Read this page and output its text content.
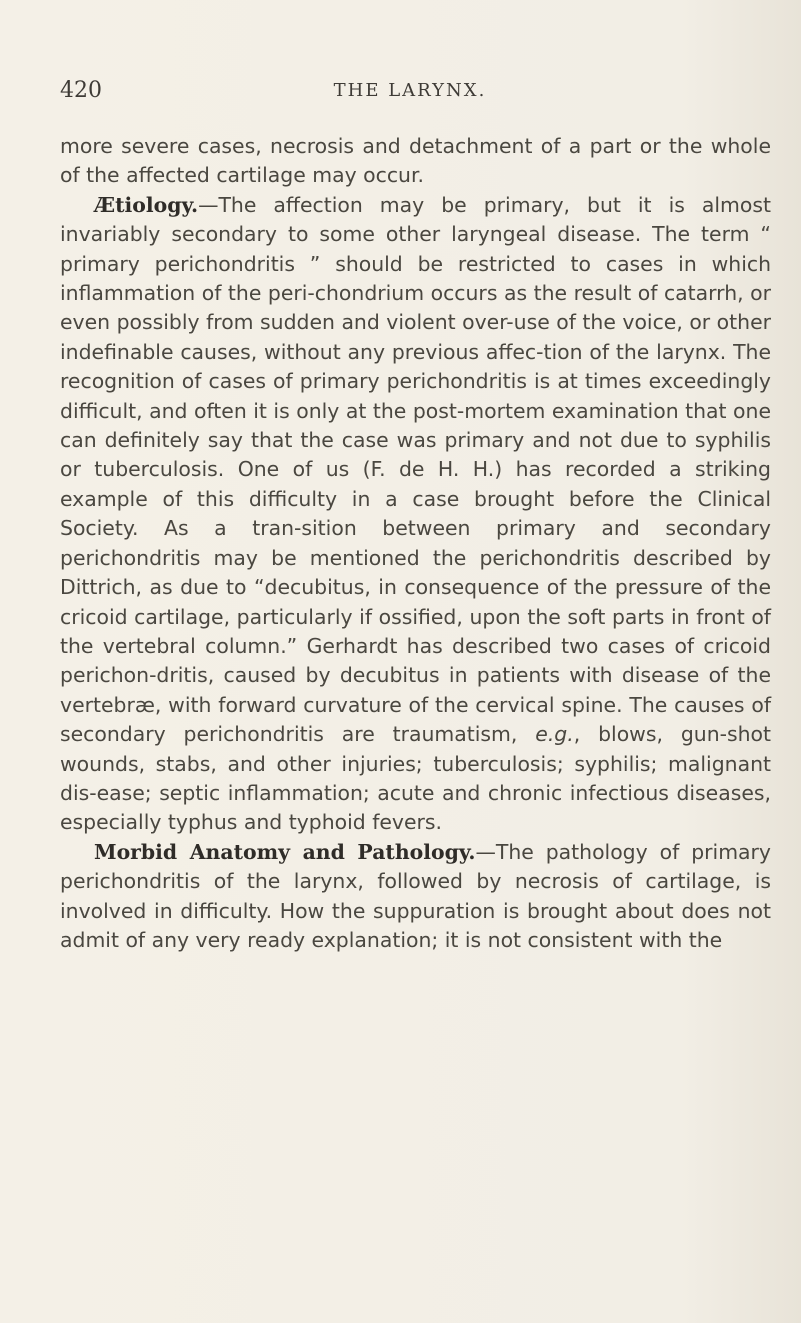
420	THE LARYNX.

more severe cases, necrosis and detachment of a part or the whole of the affected cartilage may occur.

Ætiology.—The affection may be primary, but it is almost invariably secondary to some other laryngeal disease. The term “ primary perichondritis ” should be restricted to cases in which inflammation of the peri-chondrium occurs as the result of catarrh, or even possibly from sudden and violent over-use of the voice, or other indefinable causes, without any previous affec-tion of the larynx. The recognition of cases of primary perichondritis is at times exceedingly difficult, and often it is only at the post-mortem examination that one can definitely say that the case was primary and not due to syphilis or tuberculosis. One of us (F. de H. H.) has recorded a striking example of this difficulty in a case brought before the Clinical Society. As a tran-sition between primary and secondary perichondritis may be mentioned the perichondritis described by Dittrich, as due to “decubitus, in consequence of the pressure of the cricoid cartilage, particularly if ossified, upon the soft parts in front of the vertebral column.” Gerhardt has described two cases of cricoid perichon-dritis, caused by decubitus in patients with disease of the vertebræ, with forward curvature of the cervical spine. The causes of secondary perichondritis are traumatism, e.g., blows, gun-shot wounds, stabs, and other injuries; tuberculosis; syphilis; malignant dis-ease; septic inflammation; acute and chronic infectious diseases, especially typhus and typhoid fevers.

Morbid Anatomy and Pathology.—The pathology of primary perichondritis of the larynx, followed by necrosis of cartilage, is involved in difficulty. How the suppuration is brought about does not admit of any very ready explanation; it is not consistent with the
